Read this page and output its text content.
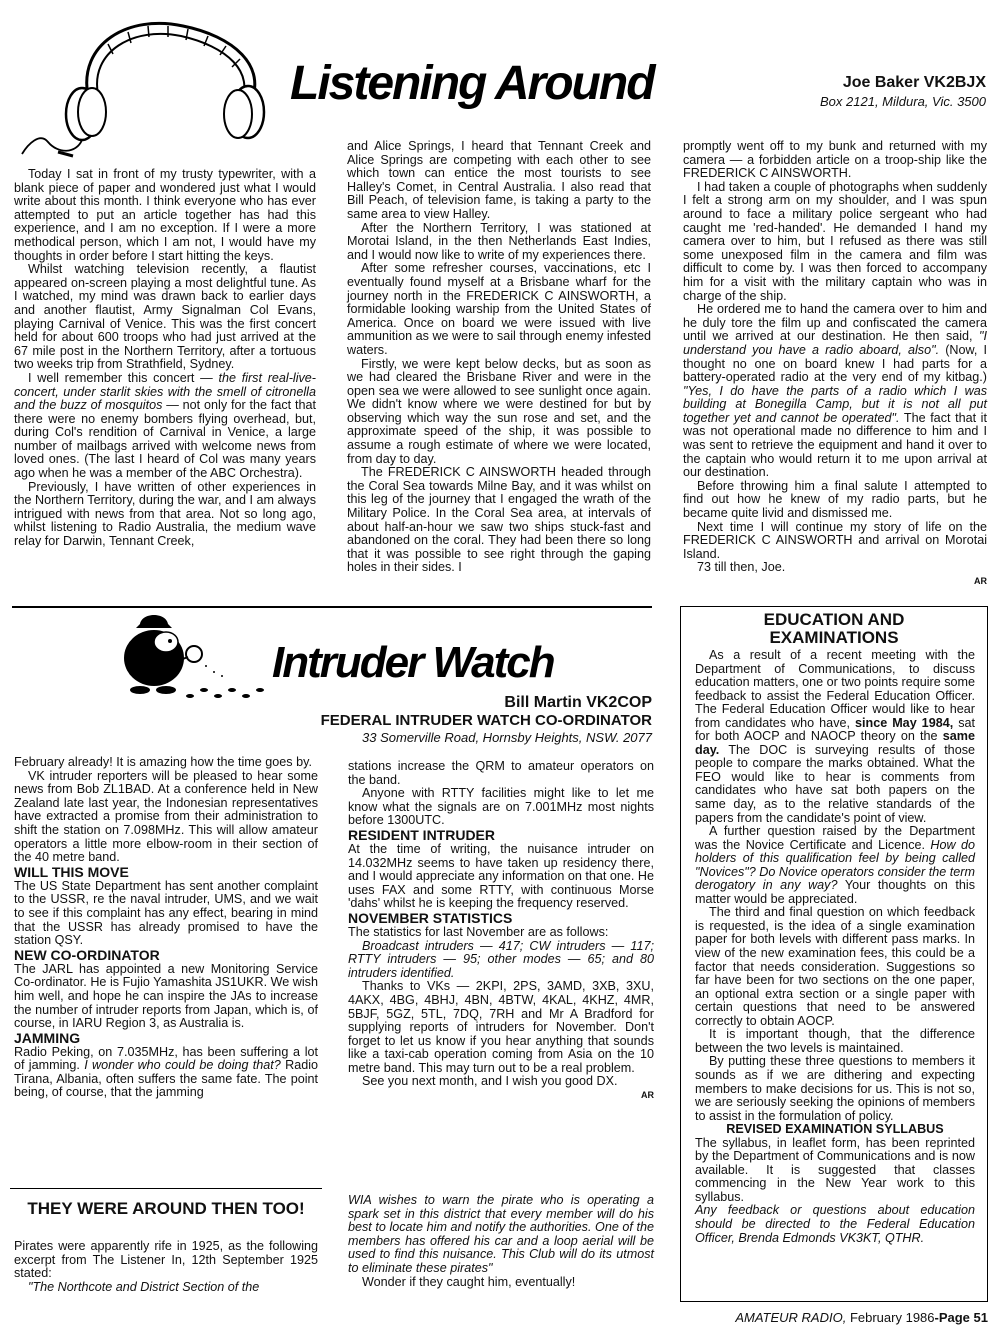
Listening Around	Joe Baker VK2BJX
Box 2121, Mildura, Vic. 3500

Today I sat in front of my trusty typewriter, with a blank piece of paper and wondered just what I would write about this month. I think everyone who has ever attempted to put an article together has had this experience, and I am no exception. If I were a more methodical person, which I am not, I would have my thoughts in order before I start hitting the keys.

Whilst watching television recently, a flautist appeared on-screen playing a most delightful tune. As I watched, my mind was drawn back to earlier days and another flautist, Army Signalman Col Evans, playing Carnival of Venice. This was the first concert held for about 600 troops who had just arrived at the 67 mile post in the Northern Territory, after a tortuous two weeks trip from Strathfield, Sydney.

I well remember this concert — the first real-live-concert, under starlit skies with the smell of citronella and the buzz of mosquitos — not only for the fact that there were no enemy bombers flying overhead, but, during Col's rendition of Carnival in Venice, a large number of mailbags arrived with welcome news from loved ones. (The last I heard of Col was many years ago when he was a member of the ABC Orchestra).

Previously, I have written of other experiences in the Northern Territory, during the war, and I am always intrigued with news from that area. Not so long ago, whilst listening to Radio Australia, the medium wave relay for Darwin, Tennant Creek,

and Alice Springs, I heard that Tennant Creek and Alice Springs are competing with each other to see which town can entice the most tourists to see Halley's Comet, in Central Australia. I also read that Bill Peach, of television fame, is taking a party to the same area to view Halley.

After the Northern Territory, I was stationed at Morotai Island, in the then Netherlands East Indies, and I would now like to write of my experiences there.

After some refresher courses, vaccinations, etc I eventually found myself at a Brisbane wharf for the journey north in the FREDERICK C AINSWORTH, a formidable looking warship from the United States of America. Once on board we were issued with live ammunition as we were to sail through enemy infested waters.

Firstly, we were kept below decks, but as soon as we had cleared the Brisbane River and were in the open sea we were allowed to see sunlight once again. We didn't know where we were destined for but by observing which way the sun rose and set, and the approximate speed of the ship, it was possible to assume a rough estimate of where we were located, from day to day.

The FREDERICK C AINSWORTH headed through the Coral Sea towards Milne Bay, and it was whilst on this leg of the journey that I engaged the wrath of the Military Police. In the Coral Sea area, at intervals of about half-an-hour we saw two ships stuck-fast and abandoned on the coral. They had been there so long that it was possible to see right through the gaping holes in their sides. I

promptly went off to my bunk and returned with my camera — a forbidden article on a troop-ship like the FREDERICK C AINSWORTH.

I had taken a couple of photographs when suddenly I felt a strong arm on my shoulder, and I was spun around to face a military police sergeant who had caught me 'red-handed'. He demanded I hand my camera over to him, but I refused as there was still some unexposed film in the camera and film was difficult to come by. I was then forced to accompany him for a visit with the military captain who was in charge of the ship.

He ordered me to hand the camera over to him and he duly tore the film up and confiscated the camera until we arrived at our destination. He then said, "I understand you have a radio aboard, also". (Now, I thought no one on board knew I had parts for a battery-operated radio at the very end of my kitbag.) "Yes, I do have the parts of a radio which I was building at Bonegilla Camp, but it is not all put together yet and cannot be operated". The fact that it was not operational made no difference to him and I was sent to retrieve the equipment and hand it over to the captain who would return it to me upon arrival at our destination.

Before throwing him a final salute I attempted to find out how he knew of my radio parts, but he became quite livid and dismissed me.

Next time I will continue my story of life on the FREDERICK C AINSWORTH and arrival on Morotai Island.

73 till then, Joe.

AR
Intruder Watch
Bill Martin VK2COP
FEDERAL INTRUDER WATCH CO-ORDINATOR
33 Somerville Road, Hornsby Heights, NSW. 2077

February already! It is amazing how the time goes by.

VK intruder reporters will be pleased to hear some news from Bob ZL1BAD. At a conference held in New Zealand late last year, the Indonesian representatives have extracted a promise from their administration to shift the station on 7.098MHz. This will allow amateur operators a little more elbow-room in their section of the 40 metre band.

WILL THIS MOVE

The US State Department has sent another complaint to the USSR, re the naval intruder, UMS, and we wait to see if this complaint has any effect, bearing in mind that the USSR has already promised to have the station QSY.

NEW CO-ORDINATOR

The JARL has appointed a new Monitoring Service Co-ordinator. He is Fujio Yamashita JS1UKR. We wish him well, and hope he can inspire the JAs to increase the number of intruder reports from Japan, which is, of course, in IARU Region 3, as Australia is.

JAMMING

Radio Peking, on 7.035MHz, has been suffering a lot of jamming. I wonder who could be doing that? Radio Tirana, Albania, often suffers the same fate. The point being, of course, that the jamming

stations increase the QRM to amateur operators on the band.

Anyone with RTTY facilities might like to let me know what the signals are on 7.001MHz most nights before 1300UTC.

RESIDENT INTRUDER

At the time of writing, the nuisance intruder on 14.032MHz seems to have taken up residency there, and I would appreciate any information on that one. He uses FAX and some RTTY, with continuous Morse 'dahs' whilst he is keeping the frequency reserved.

NOVEMBER STATISTICS

The statistics for last November are as follows:

Broadcast intruders — 417; CW intruders — 117; RTTY intruders — 95; other modes — 65; and 80 intruders identified.

Thanks to VKs — 2KPI, 2PS, 3AMD, 3XB, 3XU, 4AKX, 4BG, 4BHJ, 4BN, 4BTW, 4KAL, 4KHZ, 4MR, 5BJF, 5GZ, 5TL, 7DQ, 7RH and Mr A Bradford for supplying reports of intruders for November. Don't forget to let us know if you hear anything that sounds like a taxi-cab operation coming from Asia on the 10 metre band. This may turn out to be a real problem.

See you next month, and I wish you good DX.

AR
EDUCATION AND
EXAMINATIONS

As a result of a recent meeting with the Department of Communications, to discuss education matters, one or two points require some feedback to assist the Federal Education Officer. The Federal Education Officer would like to hear from candidates who have, since May 1984, sat for both AOCP and NAOCP theory on the same day. The DOC is surveying results of those people to compare the marks obtained. What the FEO would like to hear is comments from candidates who have sat both papers on the same day, as to the relative standards of the papers from the candidate's point of view.

A further question raised by the Department was the Novice Certificate and Licence. How do holders of this qualification feel by being called "Novices"? Do Novice operators consider the term derogatory in any way? Your thoughts on this matter would be appreciated.

The third and final question on which feedback is requested, is the idea of a single examination paper for both levels with different pass marks. In view of the new examination fees, this could be a factor that needs consideration. Suggestions so far have been for two sections on the one paper, an optional extra section or a single paper with certain questions that need to be answered correctly to obtain AOCP.

It is important though, that the difference between the two levels is maintained.

By putting these three questions to members it sounds as if we are dithering and expecting members to make decisions for us. This is not so, we are seriously seeking the opinions of members to assist in the formulation of policy.

REVISED EXAMINATION SYLLABUS

The syllabus, in leaflet form, has been reprinted by the Department of Communications and is now available. It is suggested that classes commencing in the New Year work to this syllabus.

Any feedback or questions about education should be directed to the Federal Education Officer, Brenda Edmonds VK3KT, QTHR.

THEY WERE AROUND THEN TOO!

Pirates were apparently rife in 1925, as the following excerpt from The Listener In, 12th September 1925 stated:

"The Northcote and District Section of the

WIA wishes to warn the pirate who is operating a spark set in this district that every member will do his best to locate him and notify the authorities. One of the members has offered his car and a loop aerial will be used to find this nuisance. This Club will do its utmost to eliminate these pirates"

Wonder if they caught him, eventually!

AMATEUR RADIO, February 1986-Page 51
